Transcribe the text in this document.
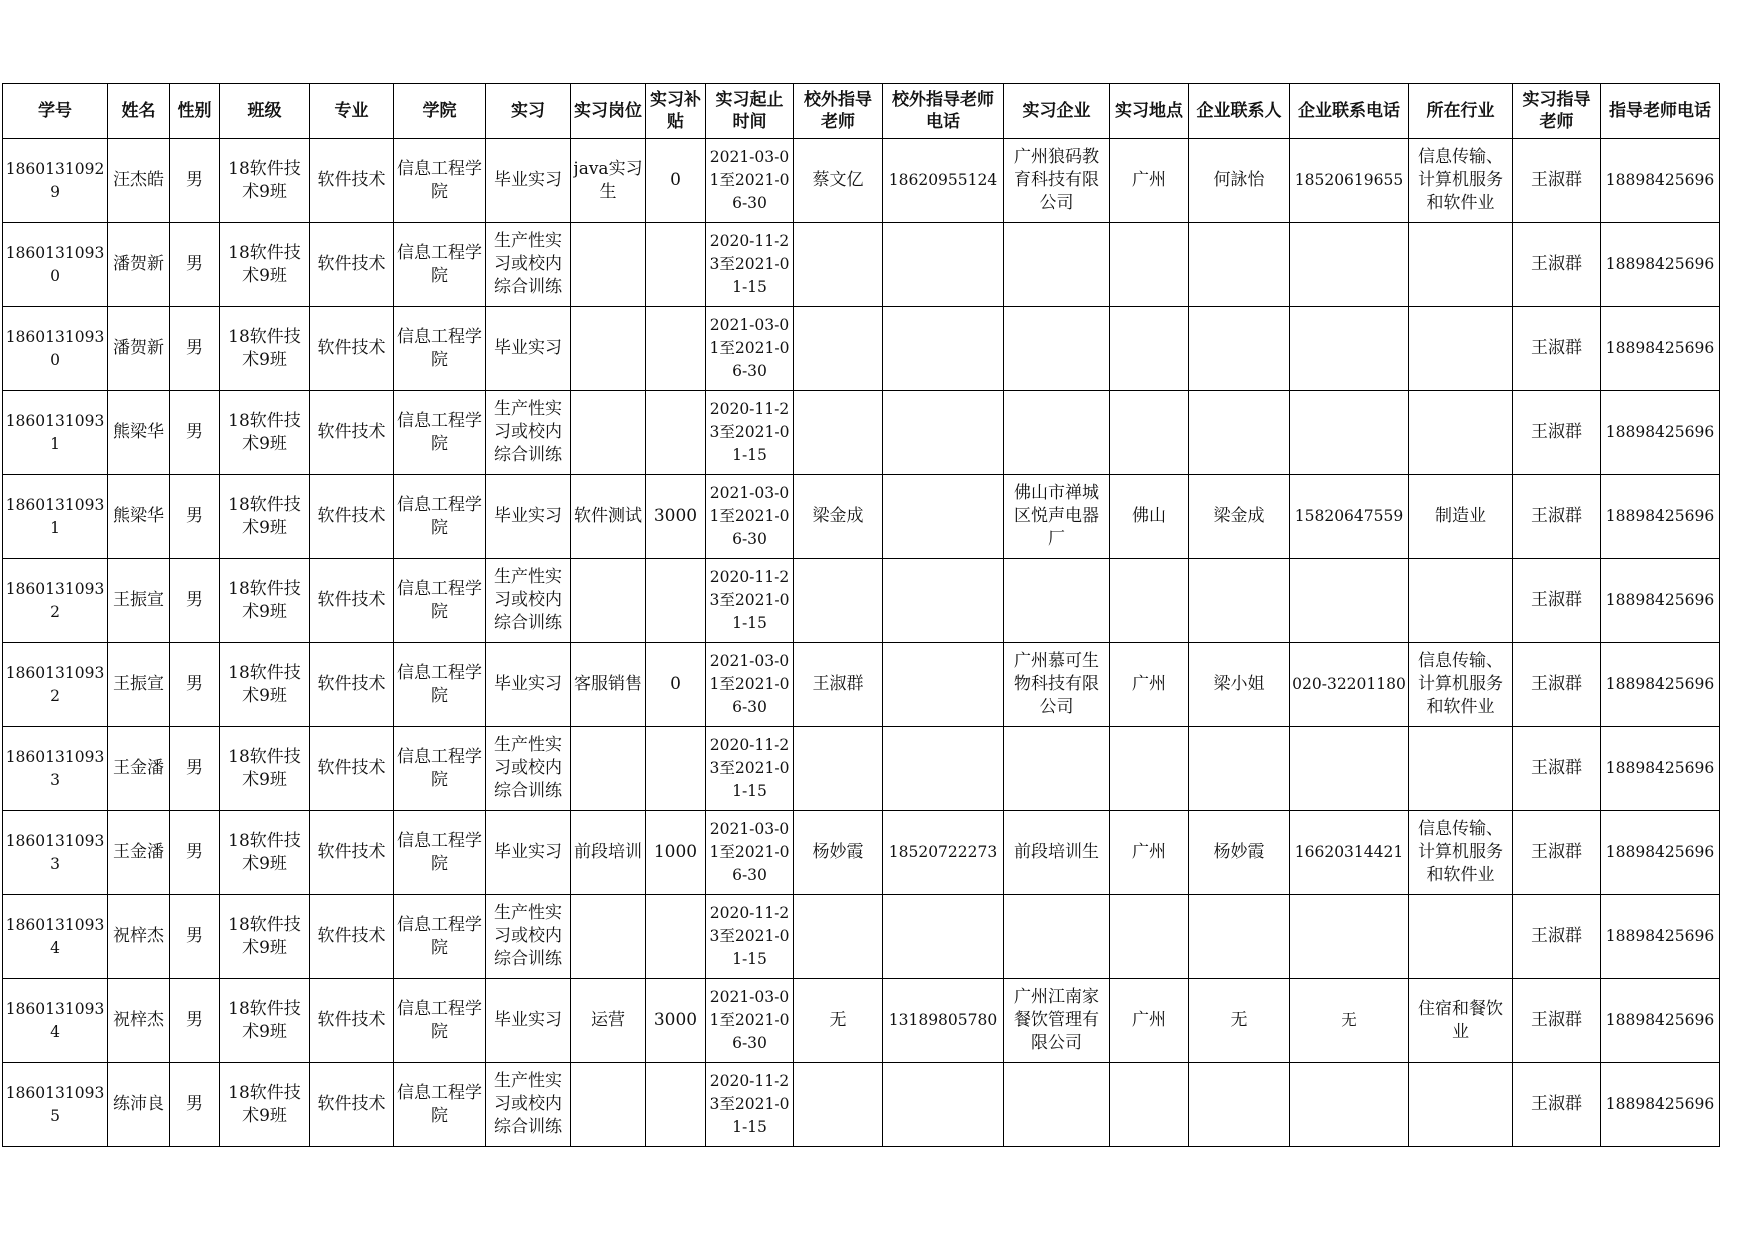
学号	姓名	性别	班级	专业	学院	实习	实习岗位	实习补贴	实习起止时间	校外指导老师	校外指导老师电话	实习企业	实习地点	企业联系人	企业联系电话	所在行业	实习指导老师	指导老师电话

18601310929	汪杰皓	男	18软件技术9班	软件技术	信息工程学院	毕业实习	java实习生	0	2021-03-01至2021-06-30	蔡文亿	18620955124	广州狼码教育科技有限公司	广州	何詠怡	18520619655	信息传输、计算机服务和软件业	王淑群	18898425696

18601310930	潘贺新	男	18软件技术9班	软件技术	信息工程学院	生产性实习或校内综合训练			2020-11-23至2021-01-15								王淑群	18898425696

18601310930	潘贺新	男	18软件技术9班	软件技术	信息工程学院	毕业实习			2021-03-01至2021-06-30								王淑群	18898425696

18601310931	熊梁华	男	18软件技术9班	软件技术	信息工程学院	生产性实习或校内综合训练			2020-11-23至2021-01-15								王淑群	18898425696

18601310931	熊梁华	男	18软件技术9班	软件技术	信息工程学院	毕业实习	软件测试	3000	2021-03-01至2021-06-30	梁金成		佛山市禅城区悦声电器厂	佛山	梁金成	15820647559	制造业	王淑群	18898425696

18601310932	王振宣	男	18软件技术9班	软件技术	信息工程学院	生产性实习或校内综合训练			2020-11-23至2021-01-15								王淑群	18898425696

18601310932	王振宣	男	18软件技术9班	软件技术	信息工程学院	毕业实习	客服销售	0	2021-03-01至2021-06-30	王淑群		广州慕可生物科技有限公司	广州	梁小姐	020-32201180	信息传输、计算机服务和软件业	王淑群	18898425696

18601310933	王金潘	男	18软件技术9班	软件技术	信息工程学院	生产性实习或校内综合训练			2020-11-23至2021-01-15								王淑群	18898425696

18601310933	王金潘	男	18软件技术9班	软件技术	信息工程学院	毕业实习	前段培训	1000	2021-03-01至2021-06-30	杨妙霞	18520722273	前段培训生	广州	杨妙霞	16620314421	信息传输、计算机服务和软件业	王淑群	18898425696

18601310934	祝梓杰	男	18软件技术9班	软件技术	信息工程学院	生产性实习或校内综合训练			2020-11-23至2021-01-15								王淑群	18898425696

18601310934	祝梓杰	男	18软件技术9班	软件技术	信息工程学院	毕业实习	运营	3000	2021-03-01至2021-06-30	无	13189805780	广州江南家餐饮管理有限公司	广州	无	无	住宿和餐饮业	王淑群	18898425696

18601310935	练沛良	男	18软件技术9班	软件技术	信息工程学院	生产性实习或校内综合训练			2020-11-23至2021-01-15								王淑群	18898425696
